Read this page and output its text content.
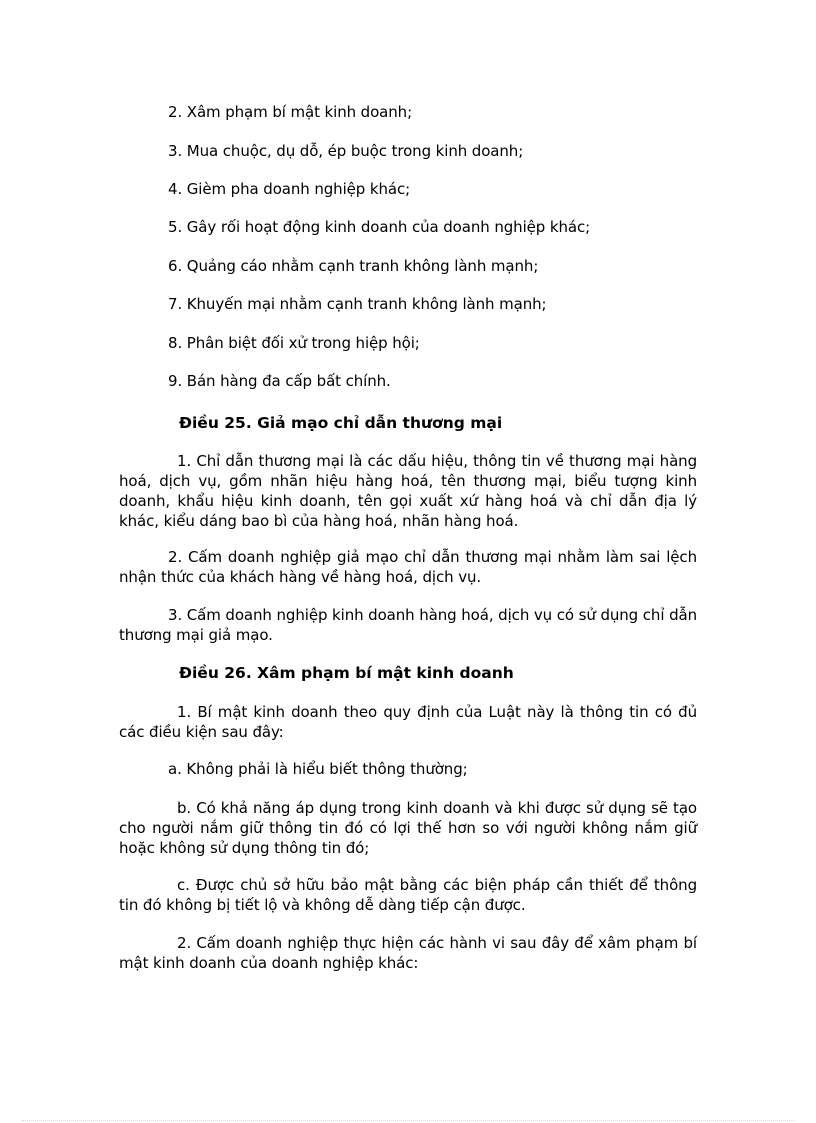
2. Xâm phạm bí mật kinh doanh;
3. Mua chuộc, dụ dỗ, ép buộc trong kinh doanh;
4. Gièm pha doanh nghiệp khác;
5. Gây rối hoạt động kinh doanh của doanh nghiệp khác;
6. Quảng cáo nhằm cạnh tranh không lành mạnh;
7. Khuyến mại nhằm cạnh tranh không lành mạnh;
8. Phân biệt đối xử trong hiệp hội;
9. Bán hàng đa cấp bất chính.
Điều 25. Giả mạo chỉ dẫn thương mại
1. Chỉ dẫn thương mại là các dấu hiệu, thông tin về thương mại hàng hoá, dịch vụ, gồm nhãn hiệu hàng hoá, tên thương mại, biểu tượng kinh doanh, khẩu hiệu kinh doanh, tên gọi xuất xứ hàng hoá và chỉ dẫn địa lý khác, kiểu dáng bao bì của hàng hoá, nhãn hàng hoá.
2. Cấm doanh nghiệp giả mạo chỉ dẫn thương mại nhằm làm sai lệch nhận thức của khách hàng về hàng hoá, dịch vụ.
3. Cấm doanh nghiệp kinh doanh hàng hoá, dịch vụ có sử dụng chỉ dẫn thương mại giả mạo.
Điều 26. Xâm phạm bí mật kinh doanh
1. Bí mật kinh doanh theo quy định của Luật này là thông tin có đủ các điều kiện sau đây:
a. Không phải là hiểu biết thông thường;
b. Có khả năng áp dụng trong kinh doanh và khi được sử dụng sẽ tạo cho người nắm giữ thông tin đó có lợi thế hơn so với người không nắm giữ hoặc không sử dụng thông tin đó;
c. Được chủ sở hữu bảo mật bằng các biện pháp cần thiết để thông tin đó không bị tiết lộ và không dễ dàng tiếp cận được.
2. Cấm doanh nghiệp thực hiện các hành vi sau đây để xâm phạm bí mật kinh doanh của doanh nghiệp khác:
